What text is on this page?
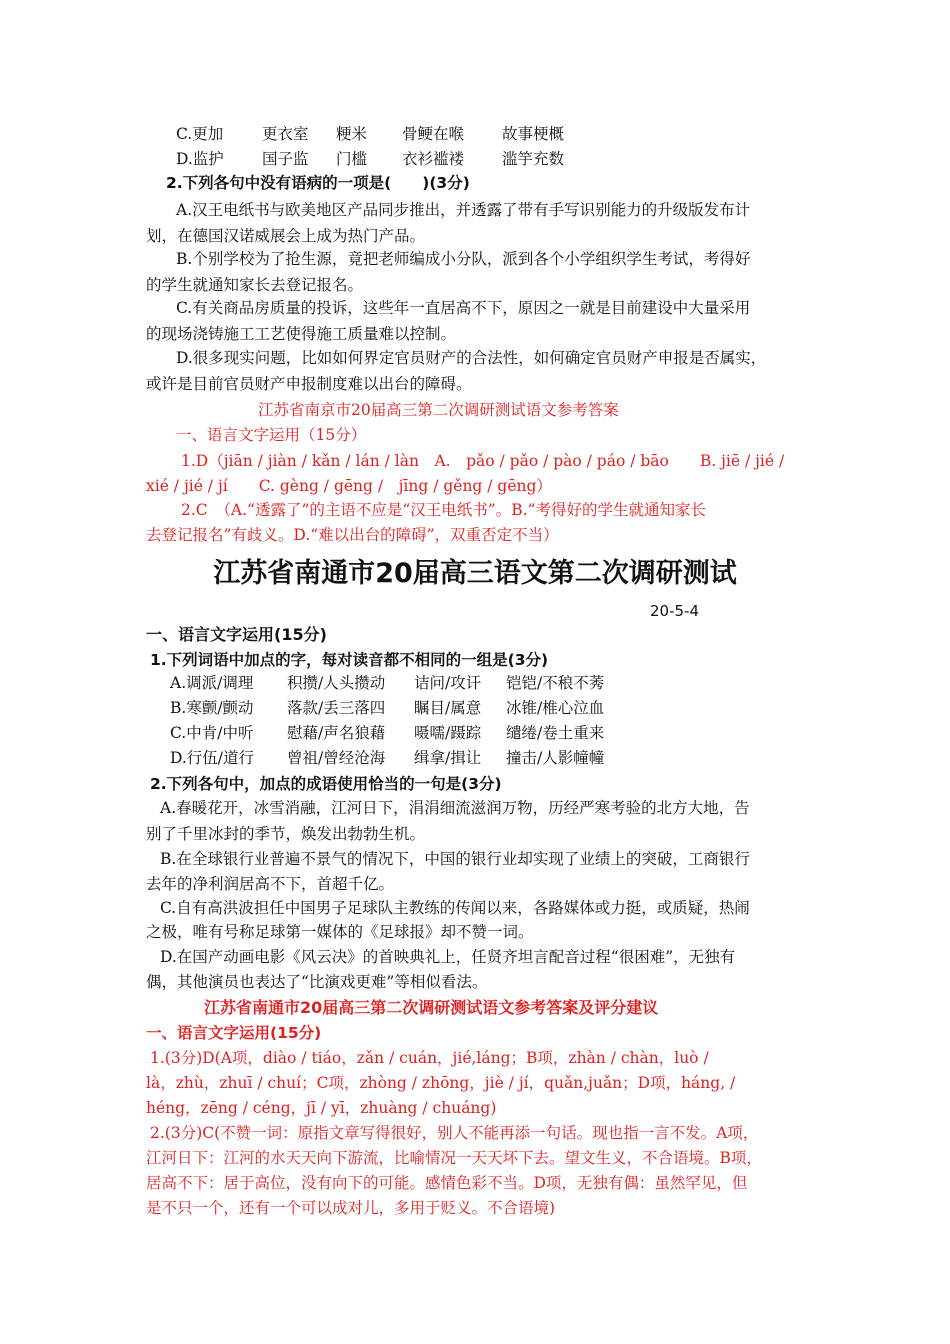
C.更加	更衣室 粳米 骨鲠在喉 故事梗概
D.监护 国子监 门槛 衣衫褴褛 滥竽充数
2.下列各句中没有语病的一项是(　　)(3分)
A.汉王电纸书与欧美地区产品同步推出，并透露了带有手写识别能力的升级版发布计
划，在德国汉诺威展会上成为热门产品。
B.个别学校为了抢生源，竟把老师编成小分队，派到各个小学组织学生考试，考得好
的学生就通知家长去登记报名。
C.有关商品房质量的投诉，这些年一直居高不下，原因之一就是目前建设中大量采用
的现场浇铸施工工艺使得施工质量难以控制。
D.很多现实问题，比如如何界定官员财产的合法性，如何确定官员财产申报是否属实，
或许是目前官员财产申报制度难以出台的障碍。
江苏省南京市20届高三第二次调研测试语文参考答案
一、语言文字运用（15分）
1.D（jiān / jiàn / kǎn / lán / làn　A.　pǎo / pǎo / pào / páo / bāo　　B. jiē / jié /
xié / jié / jí　　C. gèng / gēng /　jīng / gěng / gēng）
2.C　（A.“透露了”的主语不应是“汉王电纸书”。B.“考得好的学生就通知家长
去登记报名”有歧义。D.“难以出台的障碍”，双重否定不当）
江苏省南通市20届高三语文第二次调研测试
20-5-4
一、语言文字运用(15分)
1.下列词语中加点的字，每对读音都不相同的一组是(3分)
A.调派/调理 积攒/人头攒动 诘问/攻讦 铠铠/不稂不莠
B.寒颤/颤动 落款/丢三落四 瞩目/属意 冰锥/椎心泣血
C.中肯/中听 慰藉/声名狼藉 嗫嚅/蹑踪 缱绻/卷土重来
D.行伍/道行 曾祖/曾经沧海 缉拿/揖让 撞击/人影幢幢
2.下列各句中，加点的成语使用恰当的一句是(3分)
A.春暖花开，冰雪消融，江河日下，涓涓细流滋润万物，历经严寒考验的北方大地，告
别了千里冰封的季节，焕发出勃勃生机。
B.在全球银行业普遍不景气的情况下，中国的银行业却实现了业绩上的突破，工商银行
去年的净利润居高不下，首超千亿。
C.自有高洪波担任中国男子足球队主教练的传闻以来，各路媒体或力挺，或质疑，热闹
之极，唯有号称足球第一媒体的《足球报》却不赞一词。
D.在国产动画电影《风云决》的首映典礼上，任贤齐坦言配音过程“很困难”，无独有
偶，其他演员也表达了“比演戏更难”等相似看法。
江苏省南通市20届高三第二次调研测试语文参考答案及评分建议
一、语言文字运用(15分)
1.(3分)D(A项，diào / tiáo，zǎn / cuán，jié,láng；B项，zhàn / chàn，luò /
là，zhù，zhuī / chuí；C项，zhòng / zhōng，jiè / jí，quǎn,juǎn；D项，háng, /
héng，zēng / céng，jī / yī，zhuàng / chuáng)
2.(3分)C(不赞一词：原指文章写得很好，别人不能再添一句话。现也指一言不发。A项，
江河日下：江河的水天天向下游流，比喻情况一天天坏下去。望文生义，不合语境。B项，
居高不下：居于高位，没有向下的可能。感情色彩不当。D项，无独有偶：虽然罕见，但
是不只一个，还有一个可以成对儿，多用于贬义。不合语境)
